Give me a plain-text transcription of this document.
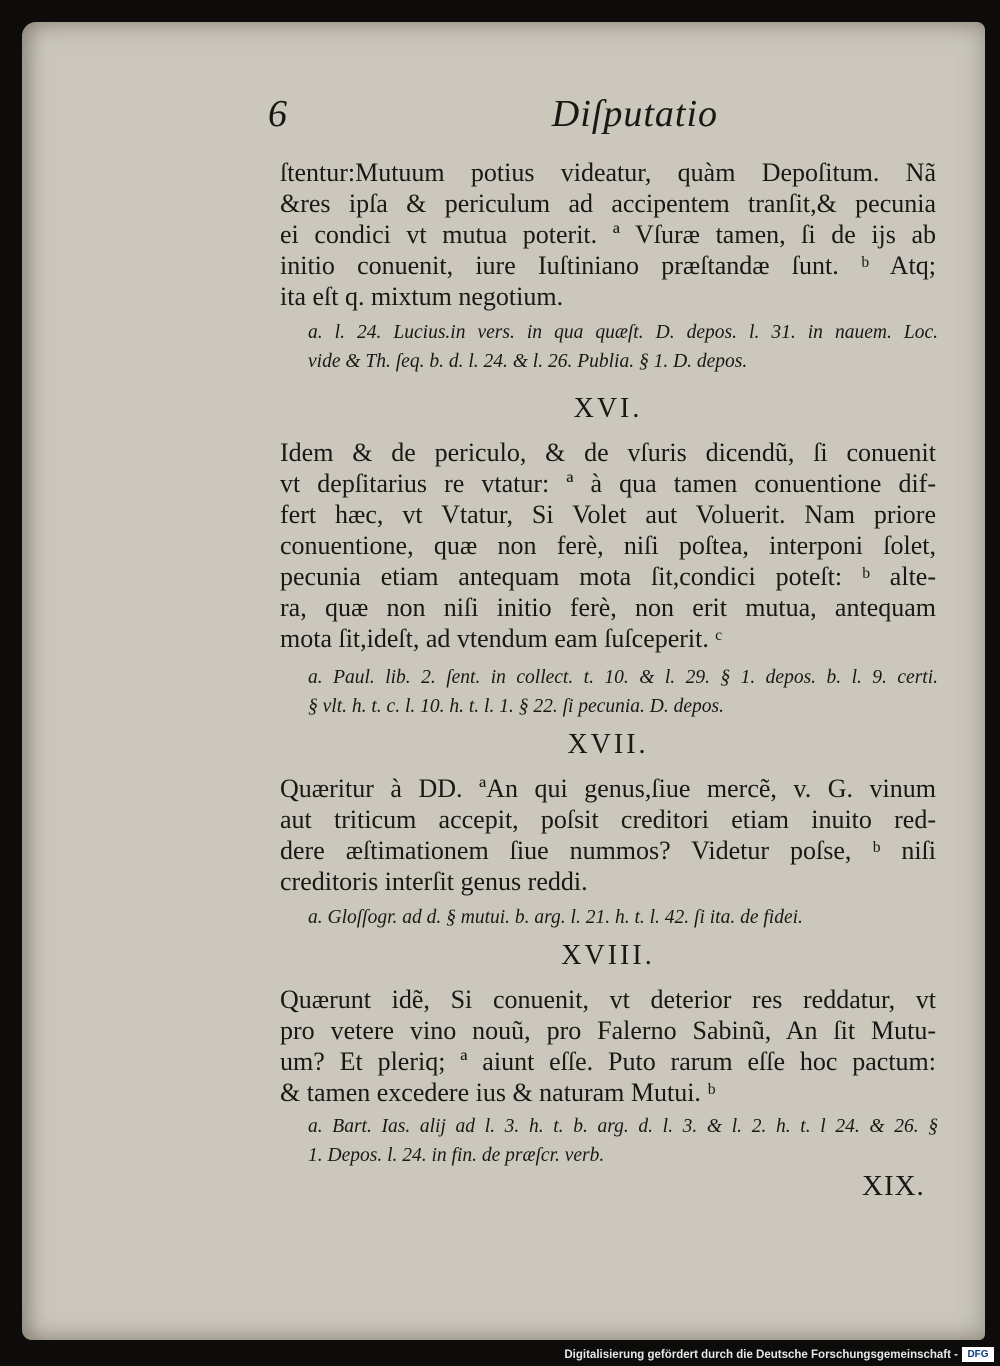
6	Diſputatio
ſtentur:Mutuum potius videatur, quàm Depoſitum. Nã
&res ipſa & periculum ad accipentem tranſit,& pecunia
ei condici vt mutua poterit. ª Vſuræ tamen, ſi de ijs ab
initio conuenit, iure Iuſtiniano præſtandæ ſunt. ᵇ Atq;
ita eſt q. mixtum negotium.
a. l. 24. Lucius.in vers. in qua quæſt. D. depos. l. 31. in nauem. Loc.
vide & Th. ſeq. b. d. l. 24. & l. 26. Publia. § 1. D. depos.
XVI.
Idem & de periculo, & de vſuris dicendũ, ſi conuenit
vt depſitarius re vtatur: ª à qua tamen conuentione dif-
fert hæc, vt Vtatur, Si Volet aut Voluerit. Nam priore
conuentione, quæ non ferè, niſi poſtea, interponi ſolet,
pecunia etiam antequam mota ſit,condici poteſt: ᵇ alte-
ra, quæ non niſi initio ferè, non erit mutua, antequam
mota ſit,ideſt, ad vtendum eam ſuſceperit. ᶜ
a. Paul. lib. 2. ſent. in collect. t. 10. & l. 29. § 1. depos. b. l. 9. certi.
§ vlt. h. t. c. l. 10. h. t. l. 1. § 22. ſi pecunia. D. depos.
XVII.
Quæritur à DD. ªAn qui genus,ſiue mercẽ, v. G. vinum
aut triticum accepit, poſsit creditori etiam inuito red-
dere æſtimationem ſiue nummos? Videtur poſse, ᵇ niſi
creditoris interſit genus reddi.
a. Gloſſogr. ad d. § mutui. b. arg. l. 21. h. t. l. 42. ſi ita. de fidei.
XVIII.
Quærunt idẽ, Si conuenit, vt deterior res reddatur, vt
pro vetere vino nouũ, pro Falerno Sabinũ, An ſit Mutu-
um? Et pleriq; ª aiunt eſſe. Puto rarum eſſe hoc pactum:
& tamen excedere ius & naturam Mutui. ᵇ
a. Bart. Ias. alij ad l. 3. h. t. b. arg. d. l. 3. & l. 2. h. t. l 24. & 26. §
1. Depos. l. 24. in fin. de præſcr. verb.
XIX.
Digitalisierung gefördert durch die Deutsche Forschungsgemeinschaft - DFG
